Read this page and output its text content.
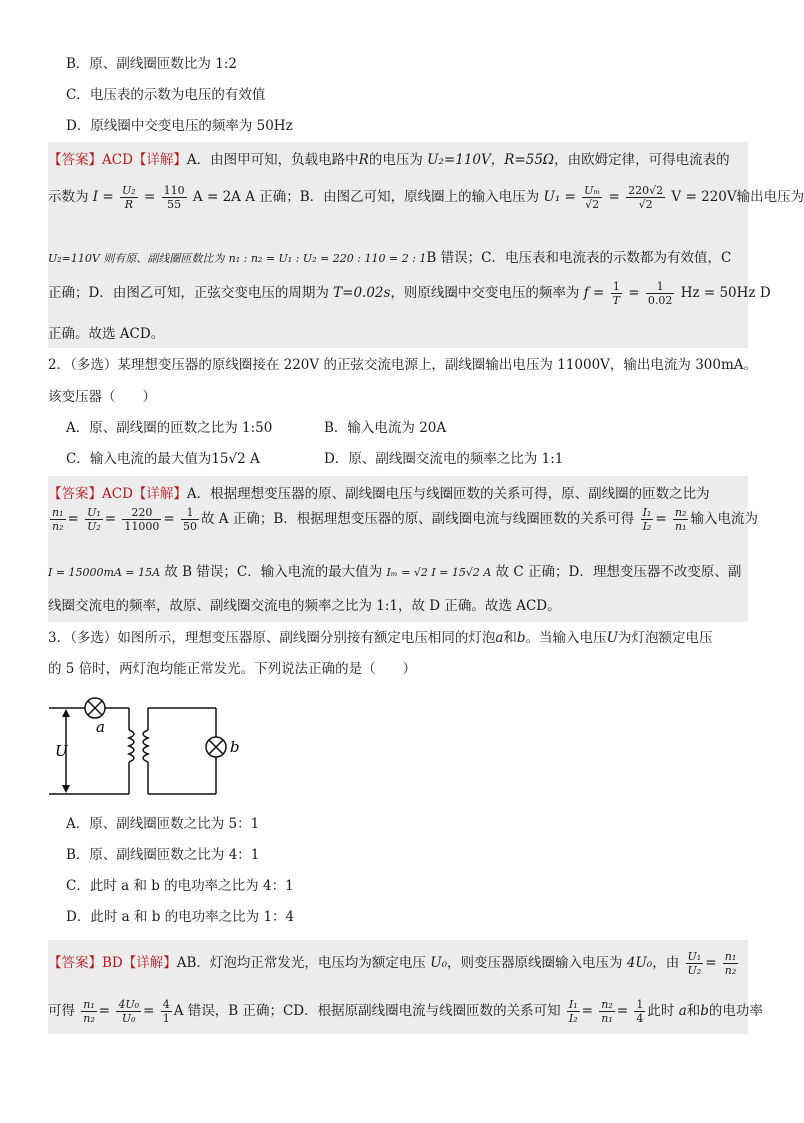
B．原、副线圈匝数比为 1:2
C．电压表的示数为电压的有效值
D．原线圈中交变电压的频率为 50Hz
【答案】ACD【详解】A．由图甲可知，负载电路中R的电压为 U₂=110V，R=55Ω，由欧姆定律，可得电流表的
示数为 $I = \frac{\text{U₂}}{R} = \frac{110}{55}$ A = 2A A 正确；B．由图乙可知，原线圈上的输入电压为 $U_1 = \frac{\text{Uₘ}}{√2} = \frac{220√2}{√2}$ V = 220V输出电压为
U₂=110V 则有原、副线圈匝数比为 n₁ : n₂ = U₁ : U₂ = 220 : 110 = 2 : 1B 错误；C．电压表和电流表的示数都为有效值，C
正确；D．由图乙可知，正弦交变电压的周期为 T=0.02s，则原线圈中交变电压的频率为 $f = \frac{1}{T} = \frac{1}{0.02}$ Hz = 50Hz D
正确。故选 ACD。
2．（多选）某理想变压器的原线圈接在 220V 的正弦交流电源上，副线圈输出电压为 11000V，输出电流为 300mA。
该变压器（　　）
A．原、副线圈的匝数之比为 1:50	B．输入电流为 20A
C．输入电流的最大值为15√2 A	D．原、副线圈交流电的频率之比为 1:1
【答案】ACD【详解】A．根据理想变压器的原、副线圈电压与线圈匝数的关系可得，原、副线圈的匝数之比为
$\frac{\text{n₁}}{\text{n₂}} = \frac{\text{U₁}}{\text{U₂}} = \frac{220}{11000} = \frac{1}{50}$ 故 A 正确；B．根据理想变压器的原、副线圈电流与线圈匝数的关系可得 $\frac{\text{I₁}}{\text{I₂}} = \frac{\text{n₂}}{\text{n₁}}$ 输入电流为
I = 15000mA = 15A 故 B 错误；C．输入电流的最大值为 Iₘ = √2 I = 15√2 A 故 C 正确；D．理想变压器不改变原、副
线圈交流电的频率，故原、副线圈交流电的频率之比为 1:1，故 D 正确。故选 ACD。
3．（多选）如图所示，理想变压器原、副线圈分别接有额定电压相同的灯泡a和b。当输入电压U为灯泡额定电压
的 5 倍时，两灯泡均能正常发光。下列说法正确的是（　　）
a
b
U
A．原、副线圈匝数之比为 5：1
B．原、副线圈匝数之比为 4：1
C．此时 a 和 b 的电功率之比为 4：1
D．此时 a 和 b 的电功率之比为 1：4
【答案】BD【详解】AB．灯泡均正常发光，电压均为额定电压 U₀，则变压器原线圈输入电压为 4U₀，由 $\frac{\text{U₁}}{\text{U₂}} = \frac{\text{n₁}}{\text{n₂}}$
可得 $\frac{\text{n₁}}{\text{n₂}} = \frac{\text{4U₀}}{\text{U₀}} = \frac{4}{1}$ A 错误，B 正确；CD．根据原副线圈电流与线圈匝数的关系可知 $\frac{\text{I₁}}{\text{I₂}} = \frac{\text{n₂}}{\text{n₁}} = \frac{1}{4}$ 此时 a和b的电功率
